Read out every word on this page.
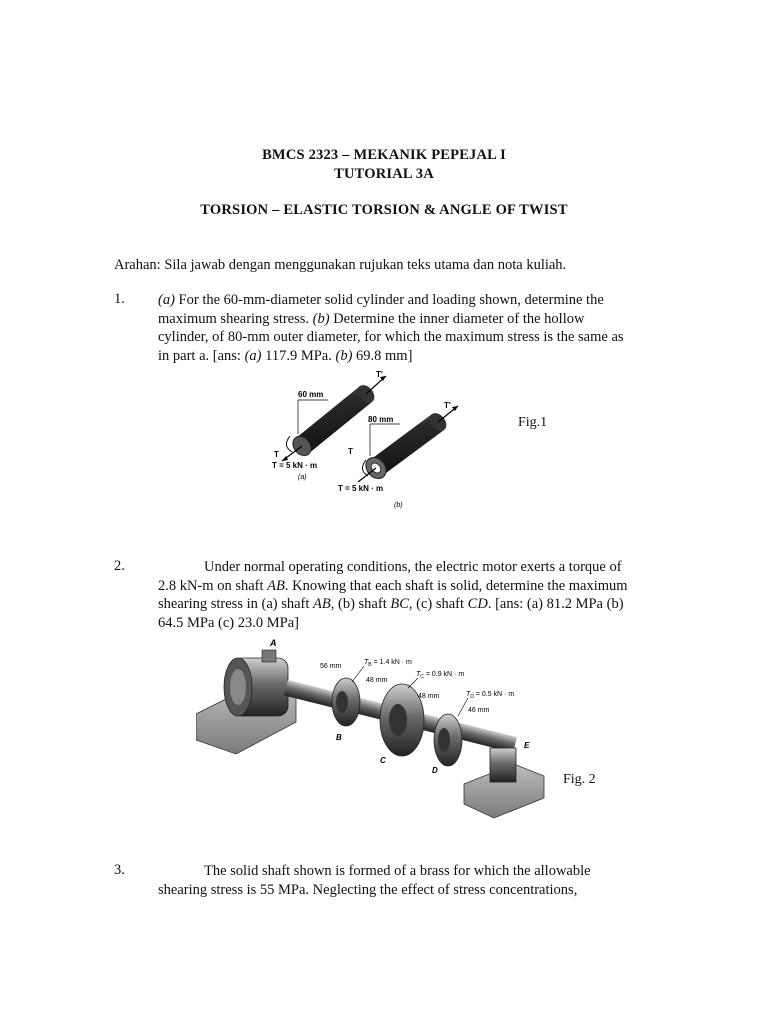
BMCS 2323 – MEKANIK PEPEJAL I
TUTORIAL 3A
TORSION – ELASTIC TORSION & ANGLE OF TWIST
Arahan: Sila jawab dengan menggunakan rujukan teks utama dan nota kuliah.
1. (a) For the 60-mm-diameter solid cylinder and loading shown, determine the
maximum shearing stress. (b) Determine the inner diameter of the hollow
cylinder, of 80-mm outer diameter, for which the maximum stress is the same as
in part a. [ans: (a) 117.9 MPa. (b) 69.8 mm]
T'
60 mm
T
T = 5 kN · m
(a)
T'
80 mm
T
T = 5 kN · m
(b)
Fig.1
2.	Under normal operating conditions, the electric motor exerts a torque of
2.8 kN-m on shaft AB. Knowing that each shaft is solid, determine the maximum
shearing stress in (a) shaft AB, (b) shaft BC, (c) shaft CD. [ans: (a) 81.2 MPa (b)
64.5 MPa (c) 23.0 MPa]
A
B
C
D
E
56 mm
48 mm
48 mm
46 mm
$T_B = 1.4$ kN · m
$T_C = 0.9$ kN · m
$T_D = 0.5$ kN · m
Fig. 2
3.	The solid shaft shown is formed of a brass for which the allowable
shearing stress is 55 MPa. Neglecting the effect of stress concentrations,
